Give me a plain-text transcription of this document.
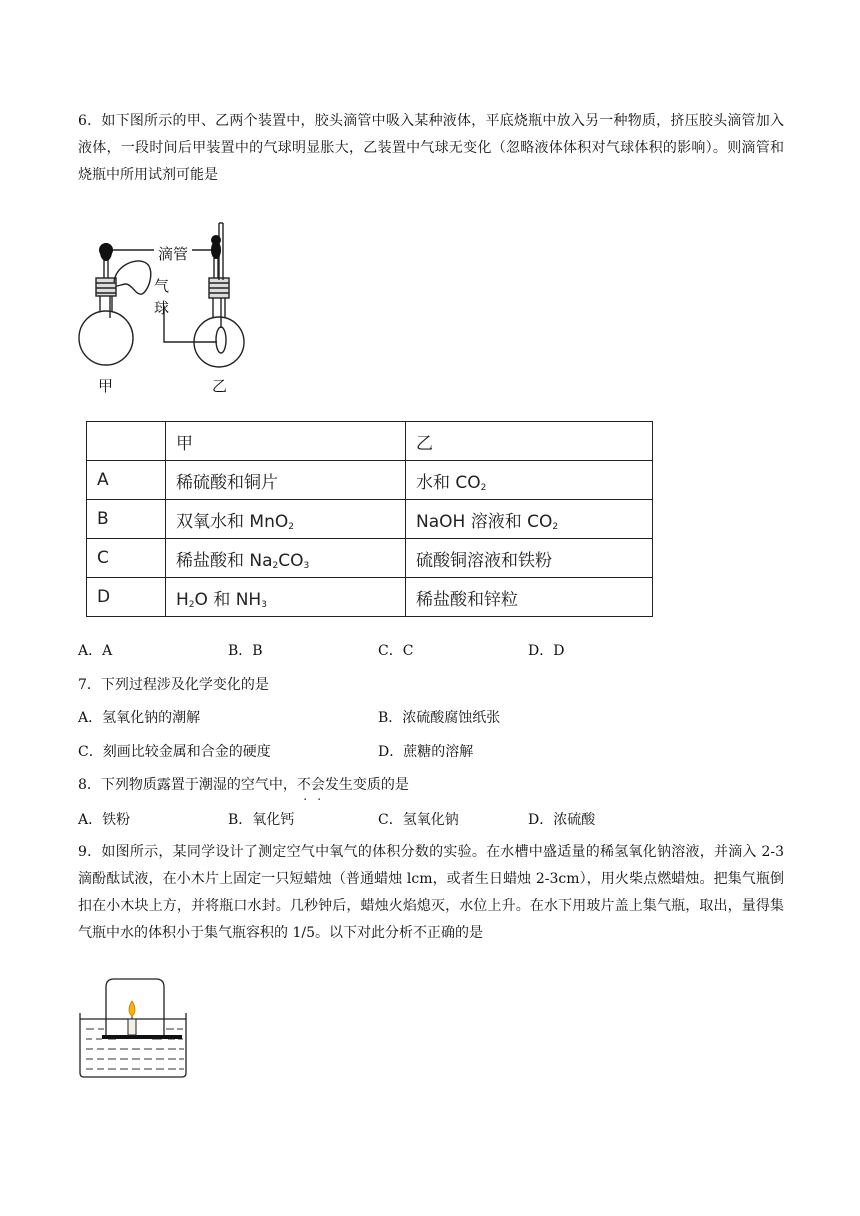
6．如下图所示的甲、乙两个装置中，胶头滴管中吸入某种液体，平底烧瓶中放入另一种物质，挤压胶头滴管加入液体，一段时间后甲装置中的气球明显胀大，乙装置中气球无变化（忽略液体体积对气球体积的影响）。则滴管和烧瓶中所用试剂可能是
滴管
气
球
甲	乙
	甲	乙
A	稀硫酸和铜片	水和 $CO_2$
B	双氧水和 MnO$_2$	NaOH 溶液和 $CO_2$
C	稀盐酸和 $Na_2CO_3$	硫酸铜溶液和铁粉
D	$H_2O$ 和 $NH_3$	稀盐酸和锌粒
A．A	B．B	C．C	D．D
7．下列过程涉及化学变化的是
A．氢氧化钠的潮解	B．浓硫酸腐蚀纸张
C．刻画比较金属和合金的硬度	D．蔗糖的溶解
8．下列物质露置于潮湿的空气中，不会发生变质的是
A．铁粉	B．氧化钙	C．氢氧化钠	D．浓硫酸
9．如图所示，某同学设计了测定空气中氧气的体积分数的实验。在水槽中盛适量的稀氢氧化钠溶液，并滴入 2-3 滴酚酞试液，在小木片上固定一只短蜡烛（普通蜡烛 lcm，或者生日蜡烛 2-3cm），用火柴点燃蜡烛。把集气瓶倒扣在小木块上方，并将瓶口水封。几秒钟后，蜡烛火焰熄灭，水位上升。在水下用玻片盖上集气瓶，取出，量得集气瓶中水的体积小于集气瓶容积的 1/5。以下对此分析不正确的是
